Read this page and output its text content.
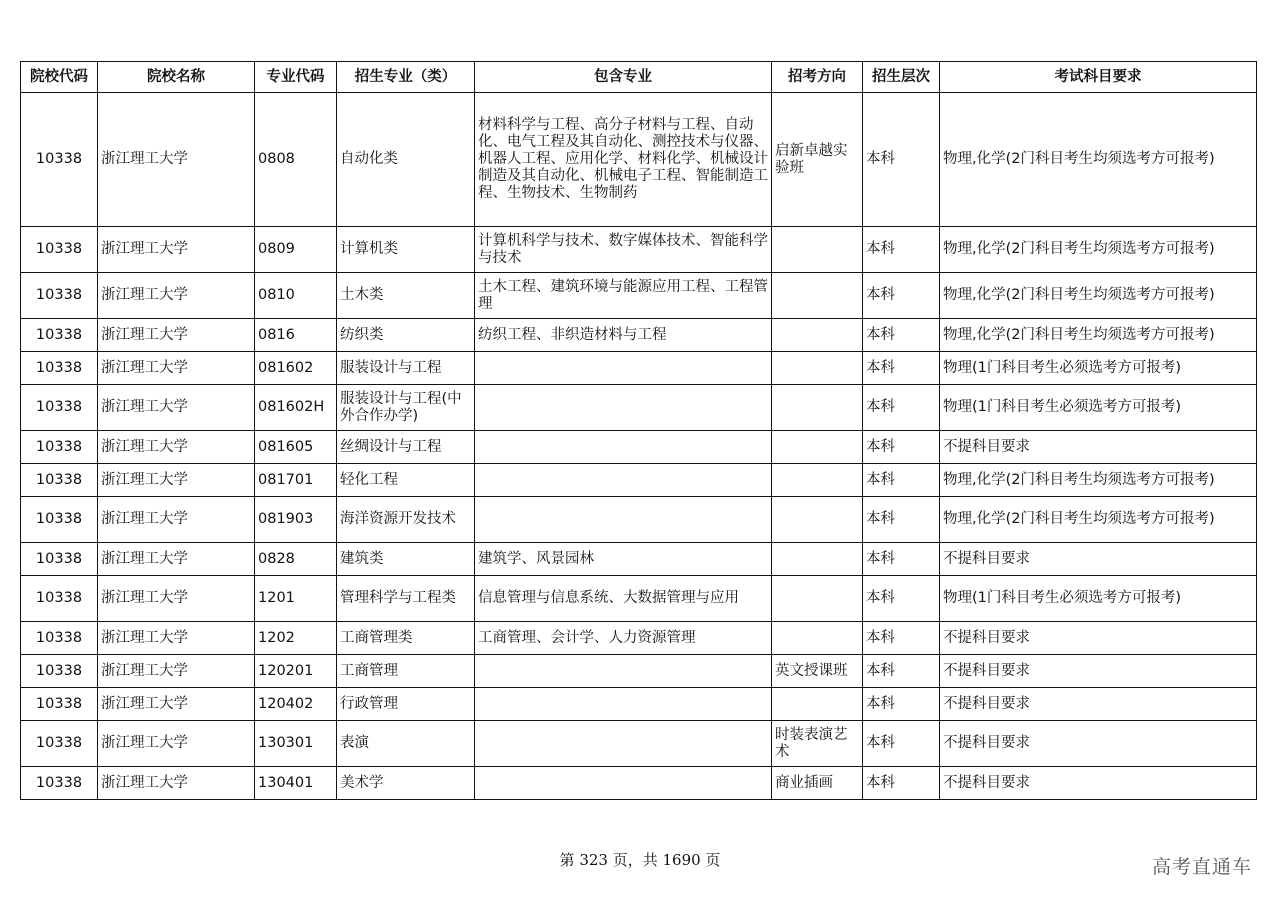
院校代码	院校名称	专业代码	招生专业（类）	包含专业	招考方向	招生层次	考试科目要求
10338	浙江理工大学	0808	自动化类	材料科学与工程、高分子材料与工程、自动化、电气工程及其自动化、测控技术与仪器、机器人工程、应用化学、材料化学、机械设计制造及其自动化、机械电子工程、智能制造工程、生物技术、生物制药	启新卓越实验班	本科	物理,化学(2门科目考生均须选考方可报考)
10338	浙江理工大学	0809	计算机类	计算机科学与技术、数字媒体技术、智能科学与技术		本科	物理,化学(2门科目考生均须选考方可报考)
10338	浙江理工大学	0810	土木类	土木工程、建筑环境与能源应用工程、工程管理		本科	物理,化学(2门科目考生均须选考方可报考)
10338	浙江理工大学	0816	纺织类	纺织工程、非织造材料与工程		本科	物理,化学(2门科目考生均须选考方可报考)
10338	浙江理工大学	081602	服装设计与工程			本科	物理(1门科目考生必须选考方可报考)
10338	浙江理工大学	081602H	服装设计与工程(中外合作办学)			本科	物理(1门科目考生必须选考方可报考)
10338	浙江理工大学	081605	丝绸设计与工程			本科	不提科目要求
10338	浙江理工大学	081701	轻化工程			本科	物理,化学(2门科目考生均须选考方可报考)
10338	浙江理工大学	081903	海洋资源开发技术			本科	物理,化学(2门科目考生均须选考方可报考)
10338	浙江理工大学	0828	建筑类	建筑学、风景园林		本科	不提科目要求
10338	浙江理工大学	1201	管理科学与工程类	信息管理与信息系统、大数据管理与应用		本科	物理(1门科目考生必须选考方可报考)
10338	浙江理工大学	1202	工商管理类	工商管理、会计学、人力资源管理		本科	不提科目要求
10338	浙江理工大学	120201	工商管理		英文授课班	本科	不提科目要求
10338	浙江理工大学	120402	行政管理			本科	不提科目要求
10338	浙江理工大学	130301	表演		时装表演艺术	本科	不提科目要求
10338	浙江理工大学	130401	美术学		商业插画	本科	不提科目要求
第 323 页，共 1690 页	高考直通车
